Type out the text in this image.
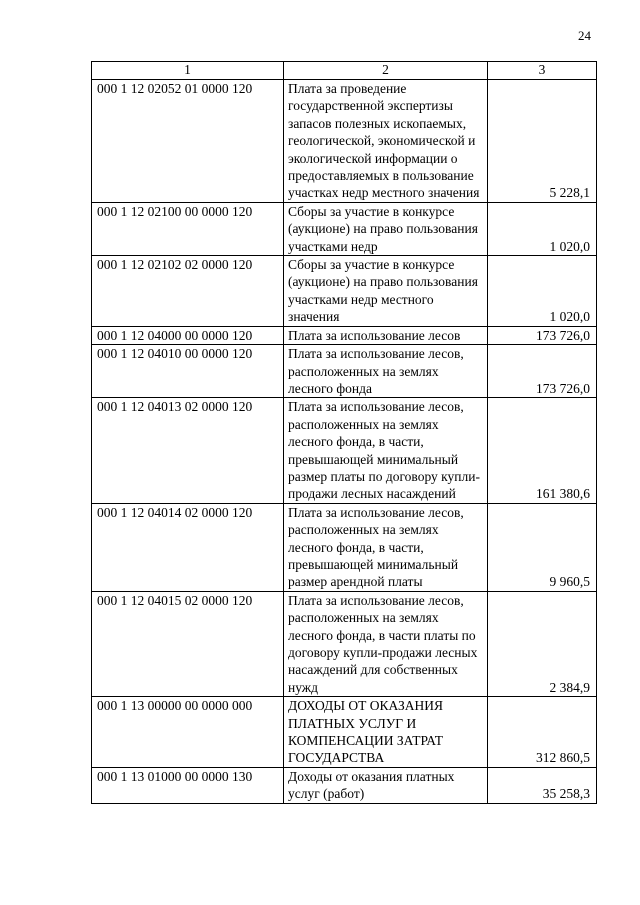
24
1	2	3
000 1 12 02052 01 0000 120	Плата за проведение государственной экспертизы запасов полезных ископаемых, геологической, экономической и экологической информации о предоставляемых в пользование участках недр местного значения	5 228,1
000 1 12 02100 00 0000 120	Сборы за участие в конкурсе (аукционе) на право пользования участками недр	1 020,0
000 1 12 02102 02 0000 120	Сборы за участие в конкурсе (аукционе) на право пользования участками недр местного значения	1 020,0
000 1 12 04000 00 0000 120	Плата за использование лесов	173 726,0
000 1 12 04010 00 0000 120	Плата за использование лесов, расположенных на землях лесного фонда	173 726,0
000 1 12 04013 02 0000 120	Плата за использование лесов, расположенных на землях лесного фонда, в части, превышающей минимальный размер платы по договору купли-продажи лесных насаждений	161 380,6
000 1 12 04014 02 0000 120	Плата за использование лесов, расположенных на землях лесного фонда, в части, превышающей минимальный размер арендной платы	9 960,5
000 1 12 04015 02 0000 120	Плата за использование лесов, расположенных на землях лесного фонда, в части платы по договору купли-продажи лесных насаждений для собственных нужд	2 384,9
000 1 13 00000 00 0000 000	ДОХОДЫ ОТ ОКАЗАНИЯ ПЛАТНЫХ УСЛУГ И КОМПЕНСАЦИИ ЗАТРАТ ГОСУДАРСТВА	312 860,5
000 1 13 01000 00 0000 130	Доходы от оказания платных услуг (работ)	35 258,3
